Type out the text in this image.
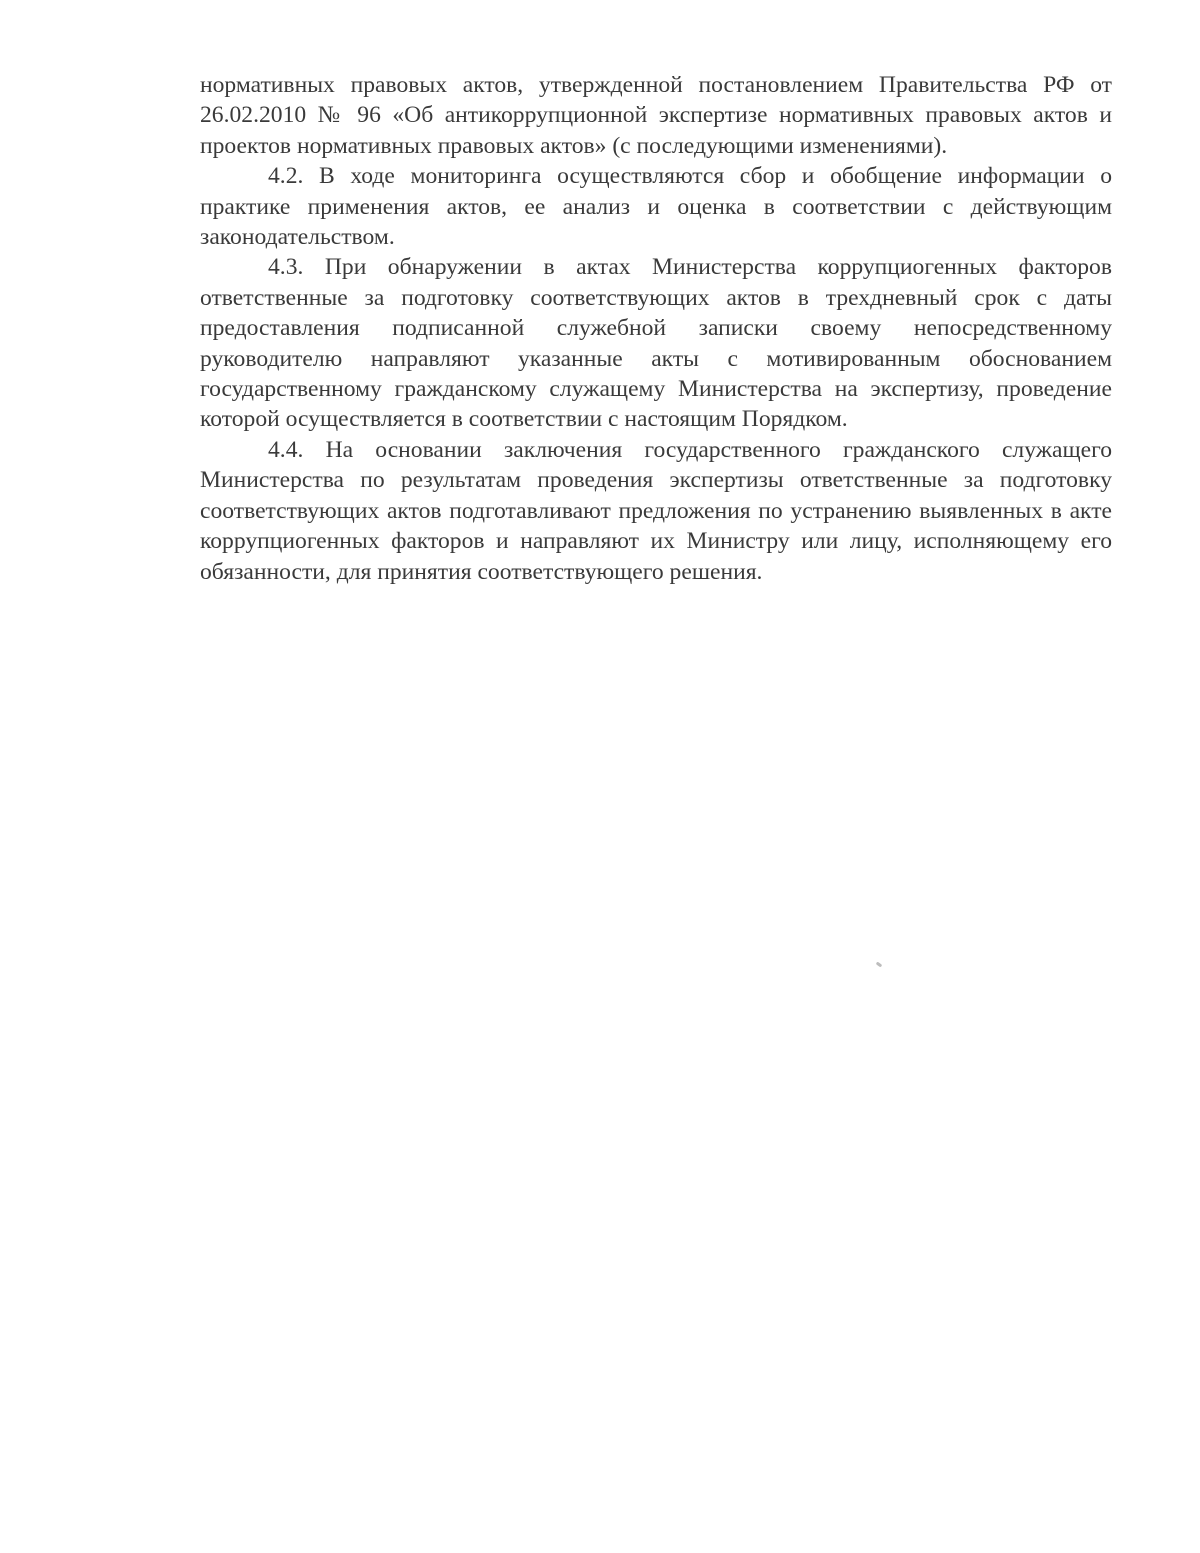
нормативных правовых актов, утвержденной постановлением Правительства РФ от 26.02.2010 № 96 «Об антикоррупционной экспертизе нормативных правовых актов и проектов нормативных правовых актов» (с последующими изменениями).

4.2. В ходе мониторинга осуществляются сбор и обобщение информации о практике применения актов, ее анализ и оценка в соответствии с действующим законодательством.

4.3. При обнаружении в актах Министерства коррупциогенных факторов ответственные за подготовку соответствующих актов в трехдневный срок с даты предоставления подписанной служебной записки своему непосредственному руководителю направляют указанные акты с мотивированным обоснованием государственному гражданскому служащему Министерства на экспертизу, проведение которой осуществляется в соответствии с настоящим Порядком.

4.4. На основании заключения государственного гражданского служащего Министерства по результатам проведения экспертизы ответственные за подготовку соответствующих актов подготавливают предложения по устранению выявленных в акте коррупциогенных факторов и направляют их Министру или лицу, исполняющему его обязанности, для принятия соответствующего решения.
